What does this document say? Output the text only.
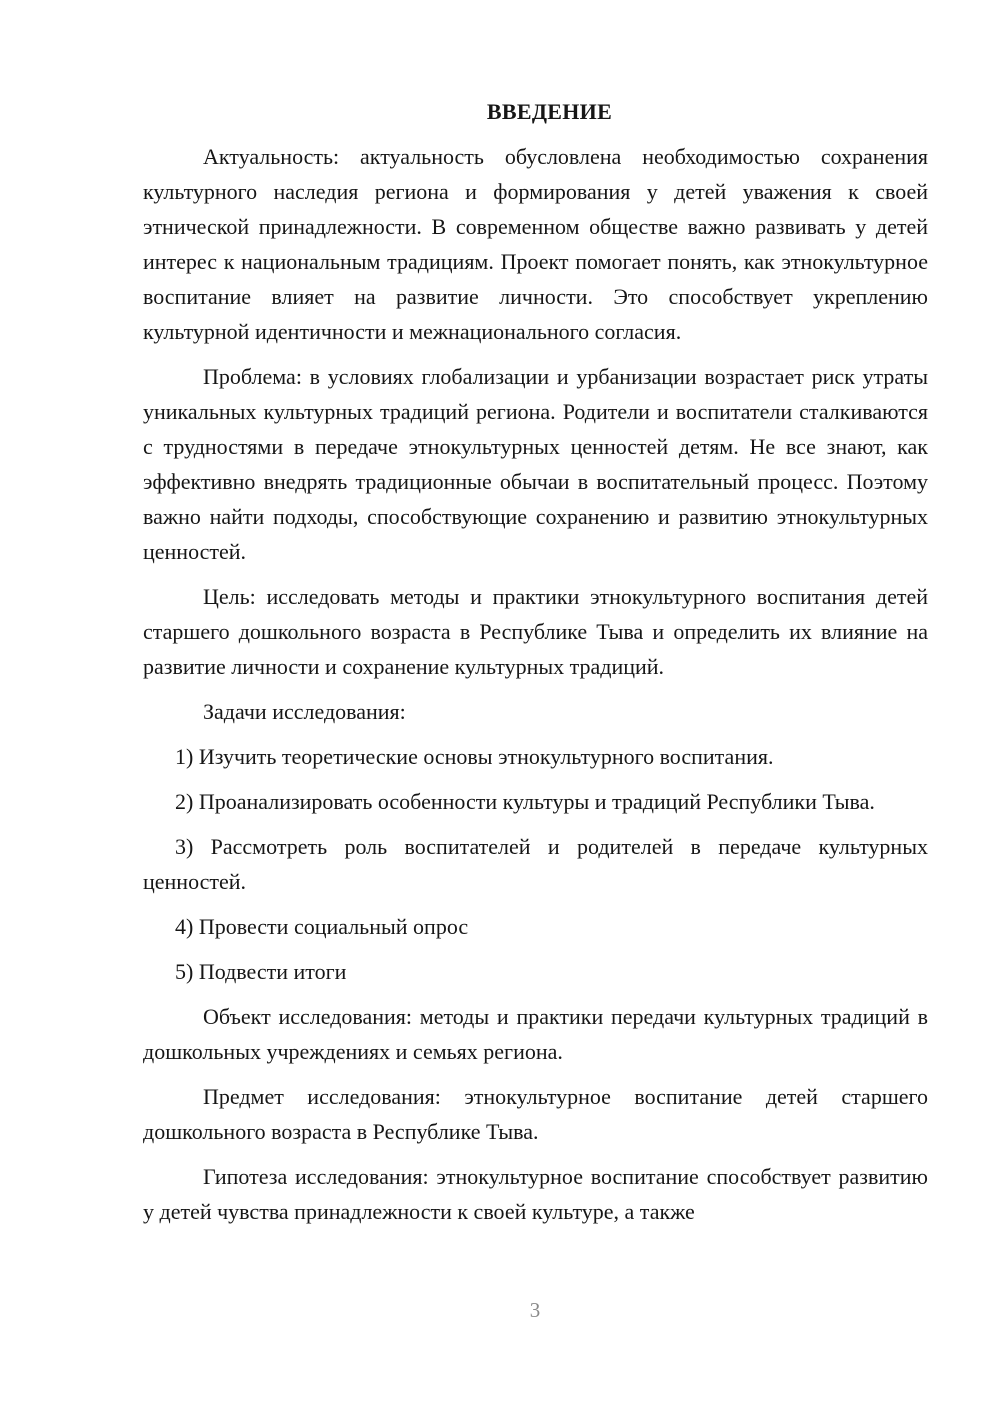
ВВЕДЕНИЕ

Актуальность: актуальность обусловлена необходимостью сохранения культурного наследия региона и формирования у детей уважения к своей этнической принадлежности. В современном обществе важно развивать у детей интерес к национальным традициям. Проект помогает понять, как этнокультурное воспитание влияет на развитие личности. Это способствует укреплению культурной идентичности и межнационального согласия.

Проблема: в условиях глобализации и урбанизации возрастает риск утраты уникальных культурных традиций региона. Родители и воспитатели сталкиваются с трудностями в передаче этнокультурных ценностей детям. Не все знают, как эффективно внедрять традиционные обычаи в воспитательный процесс. Поэтому важно найти подходы, способствующие сохранению и развитию этнокультурных ценностей.

Цель: исследовать методы и практики этнокультурного воспитания детей старшего дошкольного возраста в Республике Тыва и определить их влияние на развитие личности и сохранение культурных традиций.

Задачи исследования:

1) Изучить теоретические основы этнокультурного воспитания.

2) Проанализировать особенности культуры и традиций Республики Тыва.

3) Рассмотреть роль воспитателей и родителей в передаче культурных ценностей.

4) Провести социальный опрос

5) Подвести итоги

Объект исследования: методы и практики передачи культурных традиций в дошкольных учреждениях и семьях региона.

Предмет исследования: этнокультурное воспитание детей старшего дошкольного возраста в Республике Тыва.

Гипотеза исследования: этнокультурное воспитание способствует развитию у детей чувства принадлежности к своей культуре, а также

3
